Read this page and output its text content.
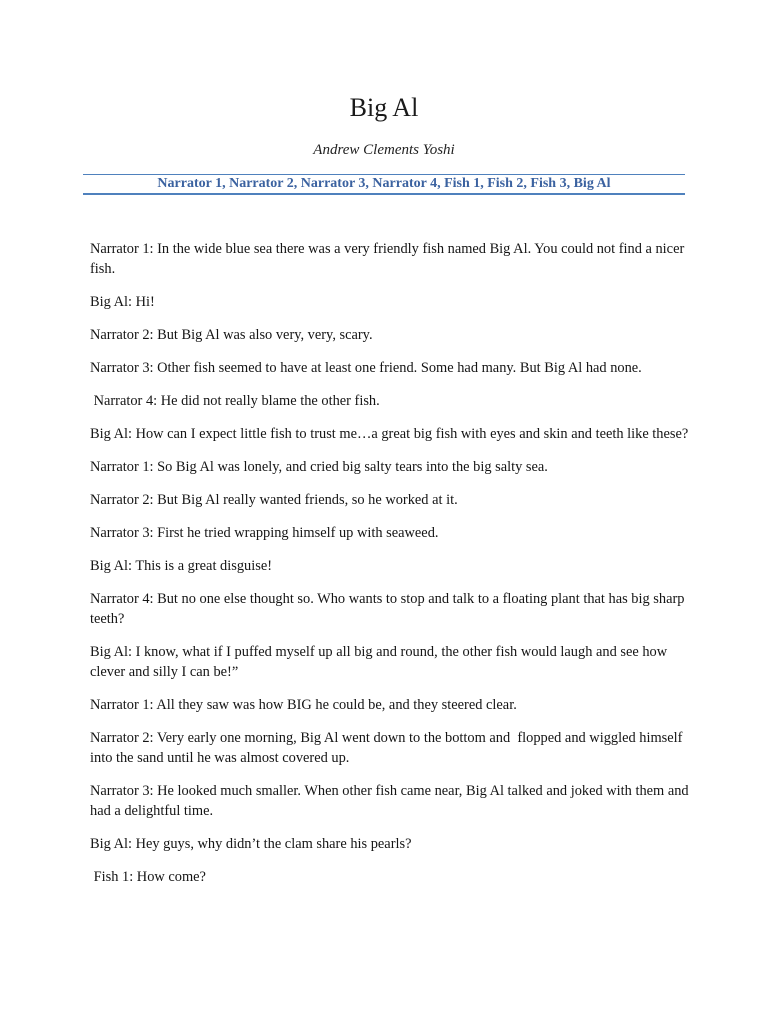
Big Al
Andrew Clements Yoshi
Narrator 1, Narrator 2, Narrator 3, Narrator 4, Fish 1, Fish 2, Fish 3, Big Al

Narrator 1: In the wide blue sea there was a very friendly fish named Big Al. You could not find a nicer fish.

Big Al: Hi!

Narrator 2: But Big Al was also very, very, scary.

Narrator 3: Other fish seemed to have at least one friend. Some had many. But Big Al had none.

Narrator 4: He did not really blame the other fish.

Big Al: How can I expect little fish to trust me…a great big fish with eyes and skin and teeth like these?

Narrator 1: So Big Al was lonely, and cried big salty tears into the big salty sea.

Narrator 2: But Big Al really wanted friends, so he worked at it.

Narrator 3: First he tried wrapping himself up with seaweed.

Big Al: This is a great disguise!

Narrator 4: But no one else thought so. Who wants to stop and talk to a floating plant that has big sharp teeth?

Big Al: I know, what if I puffed myself up all big and round, the other fish would laugh and see how clever and silly I can be!”

Narrator 1: All they saw was how BIG he could be, and they steered clear.

Narrator 2: Very early one morning, Big Al went down to the bottom and  flopped and wiggled himself into the sand until he was almost covered up.

Narrator 3: He looked much smaller. When other fish came near, Big Al talked and joked with them and had a delightful time.

Big Al: Hey guys, why didn’t the clam share his pearls?

Fish 1: How come?
